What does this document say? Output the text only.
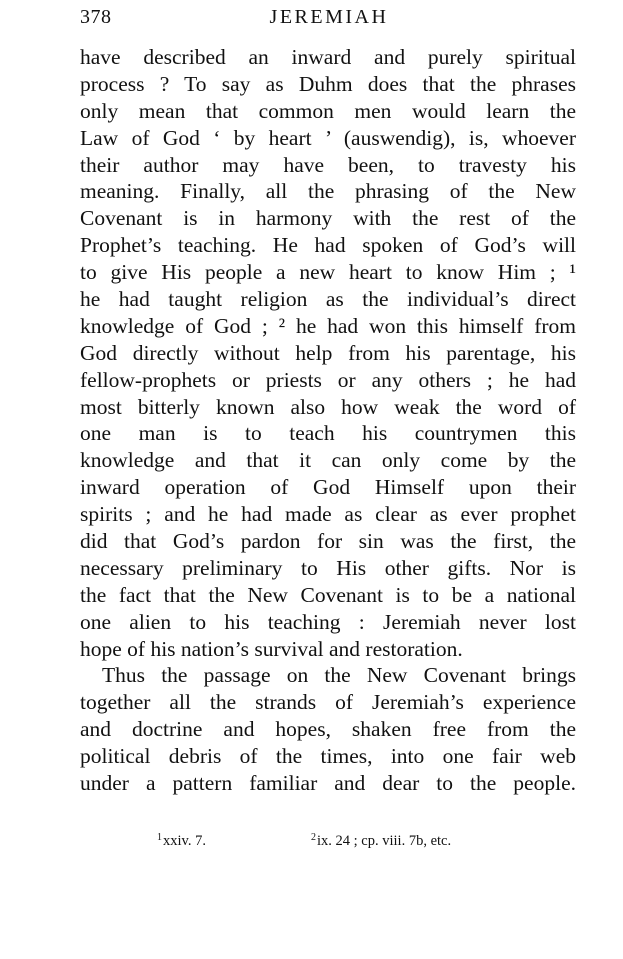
378	JEREMIAH
have described an inward and purely spiritual
process ? To say as Duhm does that the phrases
only mean that common men would learn the
Law of God ‘ by heart ’ (auswendig), is, whoever
their author may have been, to travesty his
meaning. Finally, all the phrasing of the New
Covenant is in harmony with the rest of the
Prophet’s teaching. He had spoken of God’s will
to give His people a new heart to know Him ; ¹
he had taught religion as the individual’s direct
knowledge of God ; ² he had won this himself from
God directly without help from his parentage, his
fellow-prophets or priests or any others ; he had
most bitterly known also how weak the word of
one man is to teach his countrymen this
knowledge and that it can only come by the
inward operation of God Himself upon their
spirits ; and he had made as clear as ever prophet
did that God’s pardon for sin was the first, the
necessary preliminary to His other gifts. Nor is
the fact that the New Covenant is to be a national
one alien to his teaching : Jeremiah never lost
hope of his nation’s survival and restoration.
Thus the passage on the New Covenant brings
together all the strands of Jeremiah’s experience
and doctrine and hopes, shaken free from the
political debris of the times, into one fair web
under a pattern familiar and dear to the people.
$^1$xxiv. 7.	$^2$ix. 24 ; cp. viii. 7b, etc.
